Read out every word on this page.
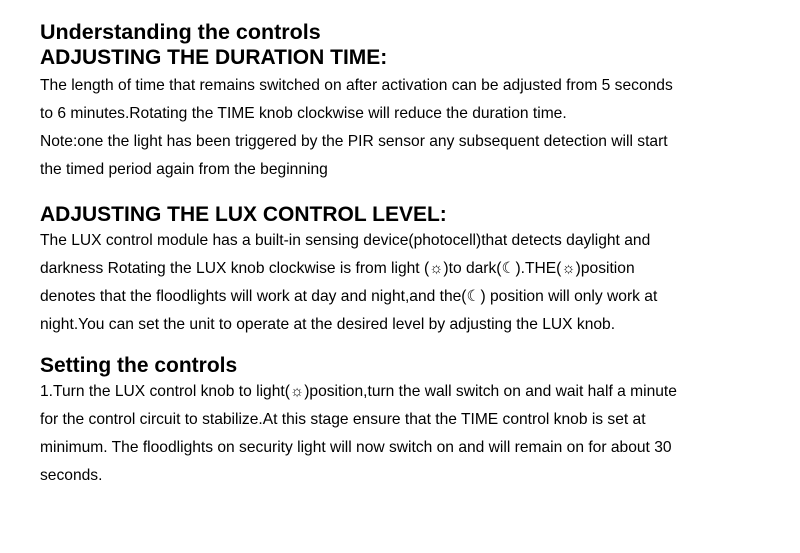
Understanding the controls
ADJUSTING THE DURATION TIME:

The length of time that remains switched on after activation can be adjusted from 5 seconds
to 6 minutes.Rotating the TIME knob clockwise will reduce the duration time.
Note:one the light has been triggered by the PIR sensor any subsequent detection will start
the timed period again from the beginning

ADJUSTING THE LUX CONTROL LEVEL:

The LUX control module has a built-in sensing device(photocell)that detects daylight and
darkness Rotating the LUX knob clockwise is from light (☼)to dark(☾).THE(☼)position
denotes that the floodlights will work at day and night,and the(☾) position will only work at
night.You can set the unit to operate at the desired level by adjusting the LUX knob.

Setting the controls

1.Turn the LUX control knob to light(☼)position,turn the wall switch on and wait half a minute
for the control circuit to stabilize.At this stage ensure that the TIME control knob is set at
minimum. The floodlights on security light will now switch on and will remain on for about 30
seconds.
